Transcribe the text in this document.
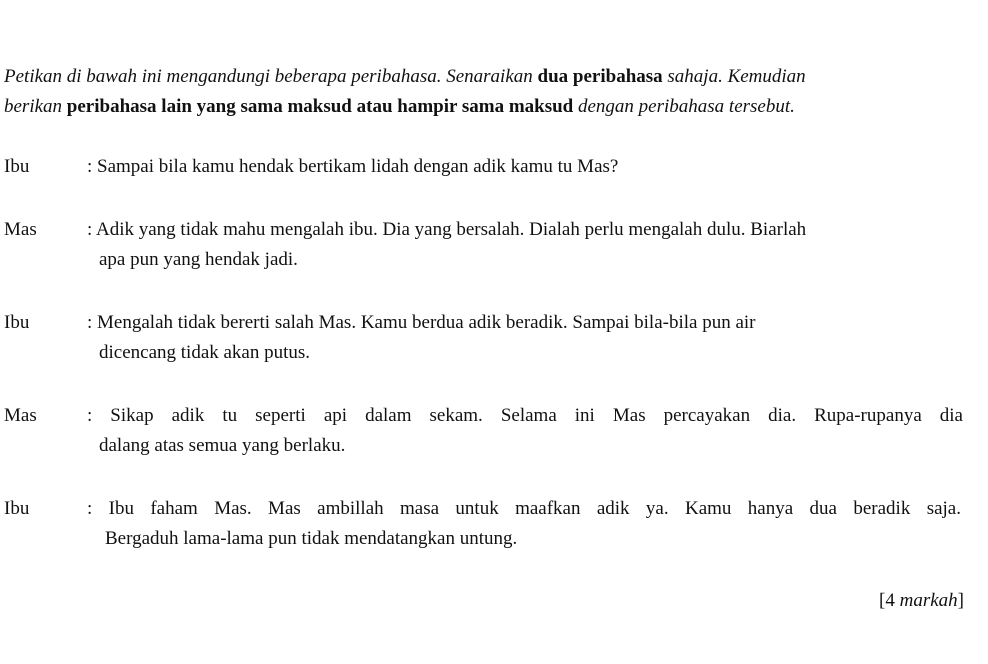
Petikan di bawah ini mengandungi beberapa peribahasa. Senaraikan dua peribahasa sahaja. Kemudian
berikan peribahasa lain yang sama maksud atau hampir sama maksud dengan peribahasa tersebut.
Ibu	: Sampai bila kamu hendak bertikam lidah dengan adik kamu tu Mas?
Mas	: Adik yang tidak mahu mengalah ibu. Dia yang bersalah. Dialah perlu mengalah dulu. Biarlah
apa pun yang hendak jadi.
Ibu	: Mengalah tidak bererti salah Mas. Kamu berdua adik beradik. Sampai bila-bila pun air
dicencang tidak akan putus.
Mas	: Sikap adik tu seperti api dalam sekam. Selama ini Mas percayakan dia. Rupa-rupanya dia
dalang atas semua yang berlaku.
Ibu	: Ibu faham Mas. Mas ambillah masa untuk maafkan adik ya. Kamu hanya dua beradik saja.
Bergaduh lama-lama pun tidak mendatangkan untung.
[4 markah]
